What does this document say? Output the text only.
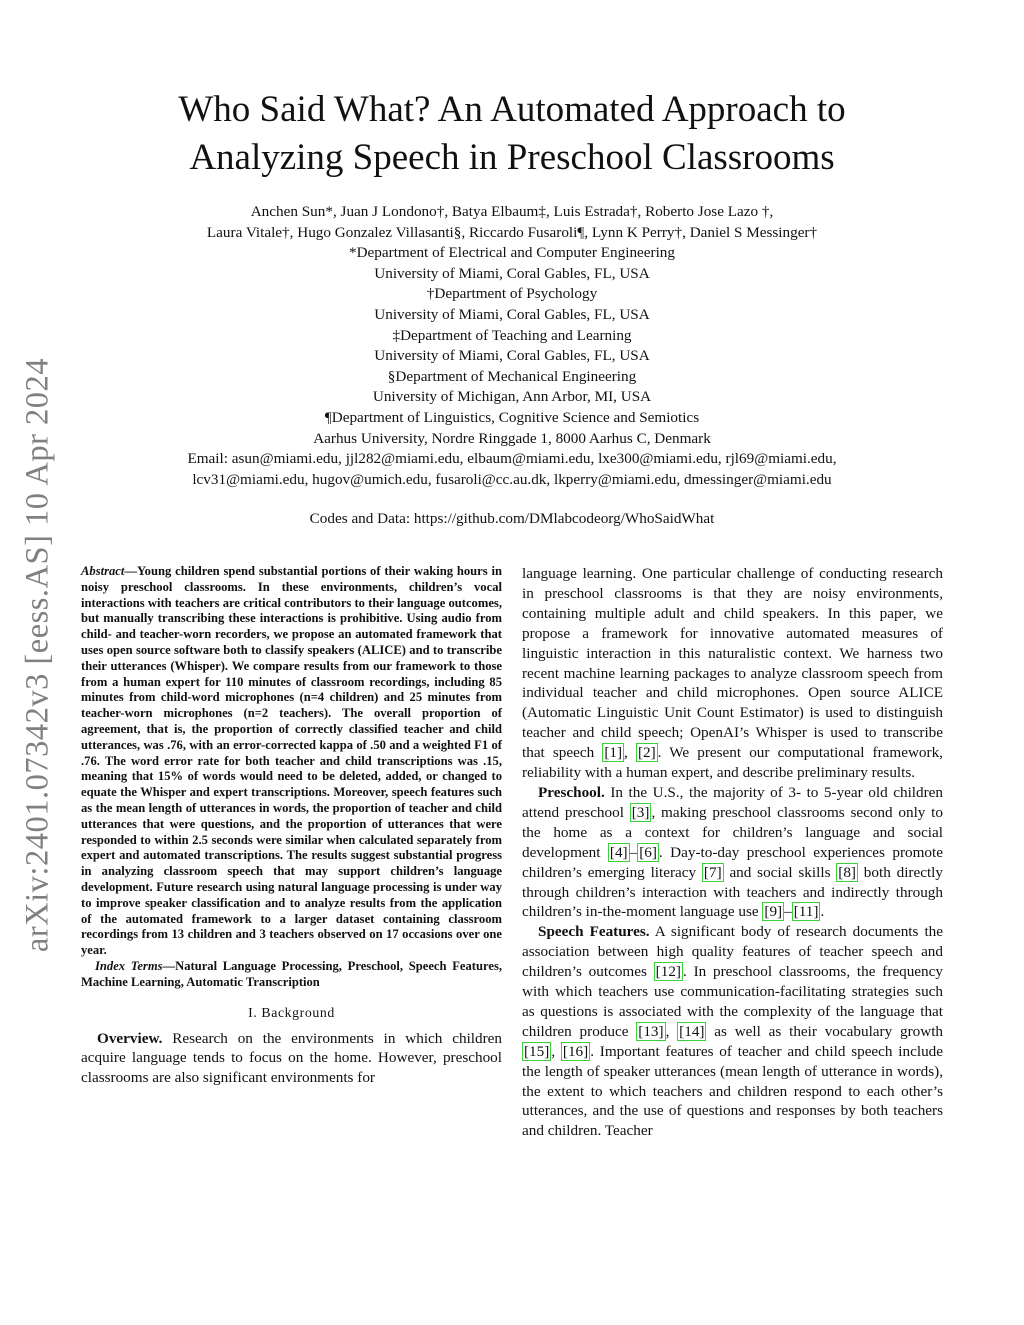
arXiv:2401.07342v3 [eess.AS] 10 Apr 2024
Who Said What? An Automated Approach to
Analyzing Speech in Preschool Classrooms
Anchen Sun*, Juan J Londono†, Batya Elbaum‡, Luis Estrada†, Roberto Jose Lazo †,
Laura Vitale†, Hugo Gonzalez Villasanti§, Riccardo Fusaroli¶, Lynn K Perry†, Daniel S Messinger†
*Department of Electrical and Computer Engineering
University of Miami, Coral Gables, FL, USA
†Department of Psychology
University of Miami, Coral Gables, FL, USA
‡Department of Teaching and Learning
University of Miami, Coral Gables, FL, USA
§Department of Mechanical Engineering
University of Michigan, Ann Arbor, MI, USA
¶Department of Linguistics, Cognitive Science and Semiotics
Aarhus University, Nordre Ringgade 1, 8000 Aarhus C, Denmark
Email: asun@miami.edu, jjl282@miami.edu, elbaum@miami.edu, lxe300@miami.edu, rjl69@miami.edu,
lcv31@miami.edu, hugov@umich.edu, fusaroli@cc.au.dk, lkperry@miami.edu, dmessinger@miami.edu
Codes and Data: https://github.com/DMlabcodeorg/WhoSaidWhat

Abstract—Young children spend substantial portions of their waking hours in noisy preschool classrooms. In these environments, children’s vocal interactions with teachers are critical contributors to their language outcomes, but manually transcribing these interactions is prohibitive. Using audio from child- and teacher-worn recorders, we propose an automated framework that uses open source software both to classify speakers (ALICE) and to transcribe their utterances (Whisper). We compare results from our framework to those from a human expert for 110 minutes of classroom recordings, including 85 minutes from child-word microphones (n=4 children) and 25 minutes from teacher-worn microphones (n=2 teachers). The overall proportion of agreement, that is, the proportion of correctly classified teacher and child utterances, was .76, with an error-corrected kappa of .50 and a weighted F1 of .76. The word error rate for both teacher and child transcriptions was .15, meaning that 15% of words would need to be deleted, added, or changed to equate the Whisper and expert transcriptions. Moreover, speech features such as the mean length of utterances in words, the proportion of teacher and child utterances that were questions, and the proportion of utterances that were responded to within 2.5 seconds were similar when calculated separately from expert and automated transcriptions. The results suggest substantial progress in analyzing classroom speech that may support children’s language development. Future research using natural language processing is under way to improve speaker classification and to analyze results from the application of the automated framework to a larger dataset containing classroom recordings from 13 children and 3 teachers observed on 17 occasions over one year.

Index Terms—Natural Language Processing, Preschool, Speech Features, Machine Learning, Automatic Transcription

I. Background

Overview. Research on the environments in which children acquire language tends to focus on the home. However, preschool classrooms are also significant environments for

language learning. One particular challenge of conducting research in preschool classrooms is that they are noisy environments, containing multiple adult and child speakers. In this paper, we propose a framework for innovative automated measures of linguistic interaction in this naturalistic context. We harness two recent machine learning packages to analyze classroom speech from individual teacher and child microphones. Open source ALICE (Automatic Linguistic Unit Count Estimator) is used to distinguish teacher and child speech; OpenAI’s Whisper is used to transcribe that speech [1] , [2] . We present our computational framework, reliability with a human expert, and describe preliminary results.

Preschool. In the U.S., the majority of 3- to 5-year old children attend preschool [3] , making preschool classrooms second only to the home as a context for children’s language and social development [4] – [6] . Day-to-day preschool experiences promote children’s emerging literacy [7] and social skills [8] both directly through children’s interaction with teachers and indirectly through children’s in-the-moment language use [9] – [11] .

Speech Features. A significant body of research documents the association between high quality features of teacher speech and children’s outcomes [12] . In preschool classrooms, the frequency with which teachers use communication-facilitating strategies such as questions is associated with the complexity of the language that children produce [13] , [14] as well as their vocabulary growth [15] , [16] . Important features of teacher and child speech include the length of speaker utterances (mean length of utterance in words), the extent to which teachers and children respond to each other’s utterances, and the use of questions and responses by both teachers and children. Teacher
